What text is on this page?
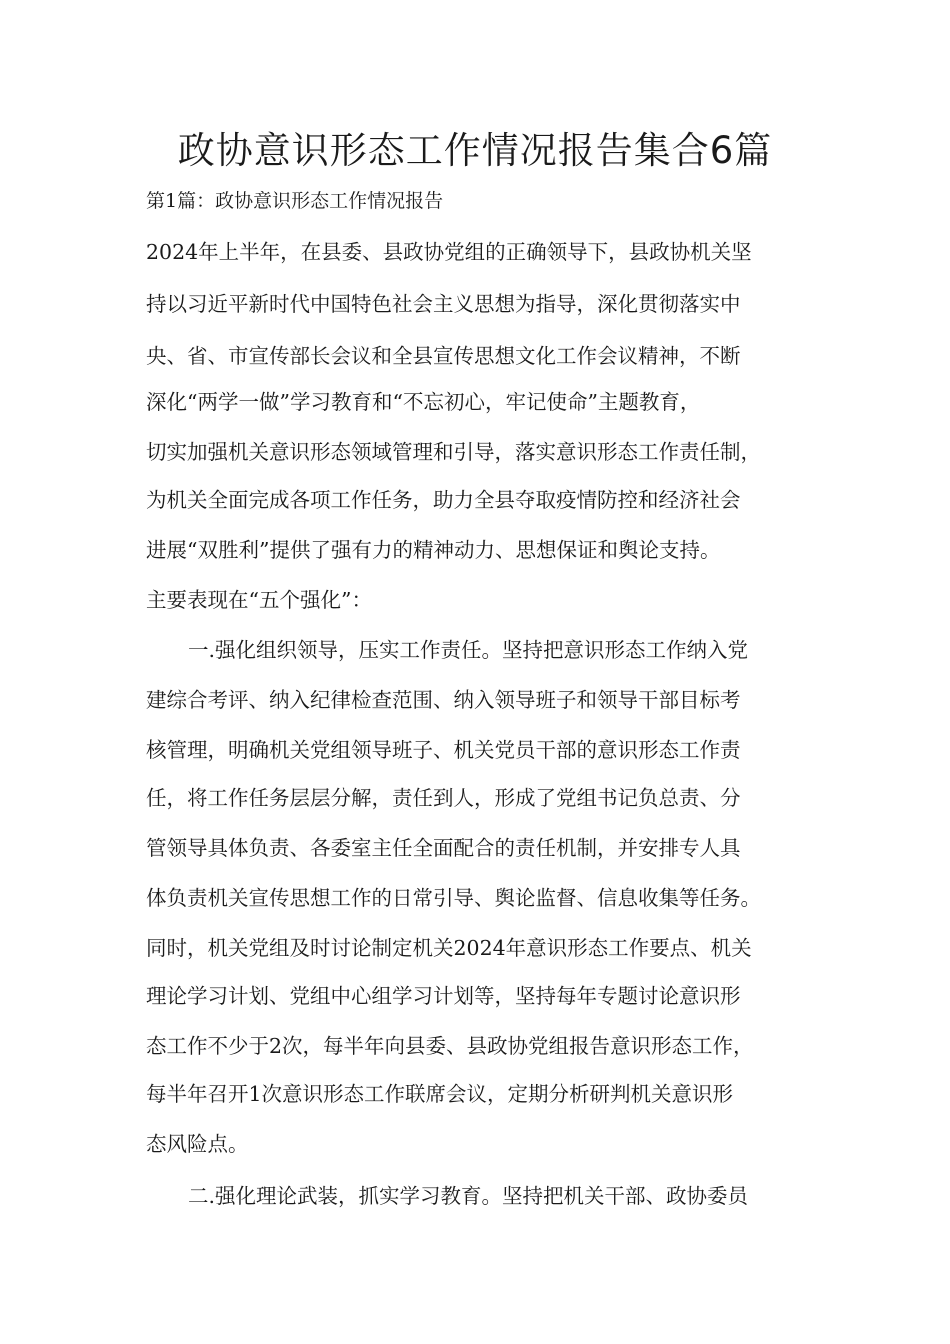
政协意识形态工作情况报告集合6篇

第1篇：政协意识形态工作情况报告

2024年上半年，在县委、县政协党组的正确领导下，县政协机关坚

持以习近平新时代中国特色社会主义思想为指导，深化贯彻落实中

央、省、市宣传部长会议和全县宣传思想文化工作会议精神，不断

深化“两学一做”学习教育和“不忘初心，牢记使命”主题教育，

切实加强机关意识形态领域管理和引导，落实意识形态工作责任制，

为机关全面完成各项工作任务，助力全县夺取疫情防控和经济社会

进展“双胜利”提供了强有力的精神动力、思想保证和舆论支持。

主要表现在“五个强化”：

一.强化组织领导，压实工作责任。坚持把意识形态工作纳入党

建综合考评、纳入纪律检查范围、纳入领导班子和领导干部目标考

核管理，明确机关党组领导班子、机关党员干部的意识形态工作责

任，将工作任务层层分解，责任到人，形成了党组书记负总责、分

管领导具体负责、各委室主任全面配合的责任机制，并安排专人具

体负责机关宣传思想工作的日常引导、舆论监督、信息收集等任务。

同时，机关党组及时讨论制定机关2024年意识形态工作要点、机关

理论学习计划、党组中心组学习计划等，坚持每年专题讨论意识形

态工作不少于2次，每半年向县委、县政协党组报告意识形态工作，

每半年召开1次意识形态工作联席会议，定期分析研判机关意识形

态风险点。

二.强化理论武装，抓实学习教育。坚持把机关干部、政协委员
